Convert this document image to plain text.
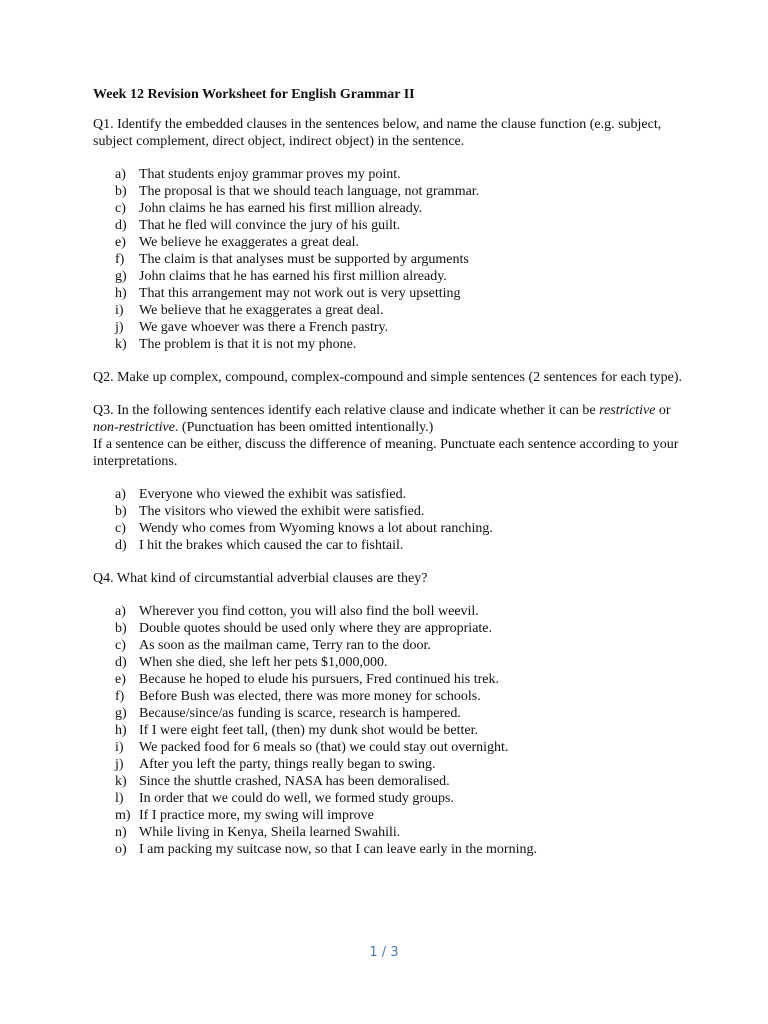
Week 12 Revision Worksheet for English Grammar II

Q1. Identify the embedded clauses in the sentences below, and name the clause function (e.g. subject, subject complement, direct object, indirect object) in the sentence.

a) That students enjoy grammar proves my point.
b) The proposal is that we should teach language, not grammar.
c) John claims he has earned his first million already.
d) That he fled will convince the jury of his guilt.
e) We believe he exaggerates a great deal.
f) The claim is that analyses must be supported by arguments
g) John claims that he has earned his first million already.
h) That this arrangement may not work out is very upsetting
i) We believe that he exaggerates a great deal.
j) We gave whoever was there a French pastry.
k) The problem is that it is not my phone.

Q2. Make up complex, compound, complex-compound and simple sentences (2 sentences for each type).

Q3. In the following sentences identify each relative clause and indicate whether it can be restrictive or non-restrictive. (Punctuation has been omitted intentionally.)

If a sentence can be either, discuss the difference of meaning. Punctuate each sentence according to your interpretations.

a) Everyone who viewed the exhibit was satisfied.
b) The visitors who viewed the exhibit were satisfied.
c) Wendy who comes from Wyoming knows a lot about ranching.
d) I hit the brakes which caused the car to fishtail.

Q4. What kind of circumstantial adverbial clauses are they?

a) Wherever you find cotton, you will also find the boll weevil.
b) Double quotes should be used only where they are appropriate.
c) As soon as the mailman came, Terry ran to the door.
d) When she died, she left her pets $1,000,000.
e) Because he hoped to elude his pursuers, Fred continued his trek.
f) Before Bush was elected, there was more money for schools.
g) Because/since/as funding is scarce, research is hampered.
h) If I were eight feet tall, (then) my dunk shot would be better.
i) We packed food for 6 meals so (that) we could stay out overnight.
j) After you left the party, things really began to swing.
k) Since the shuttle crashed, NASA has been demoralised.
l) In order that we could do well, we formed study groups.
m) If I practice more, my swing will improve
n) While living in Kenya, Sheila learned Swahili.
o) I am packing my suitcase now, so that I can leave early in the morning.
1 / 3
